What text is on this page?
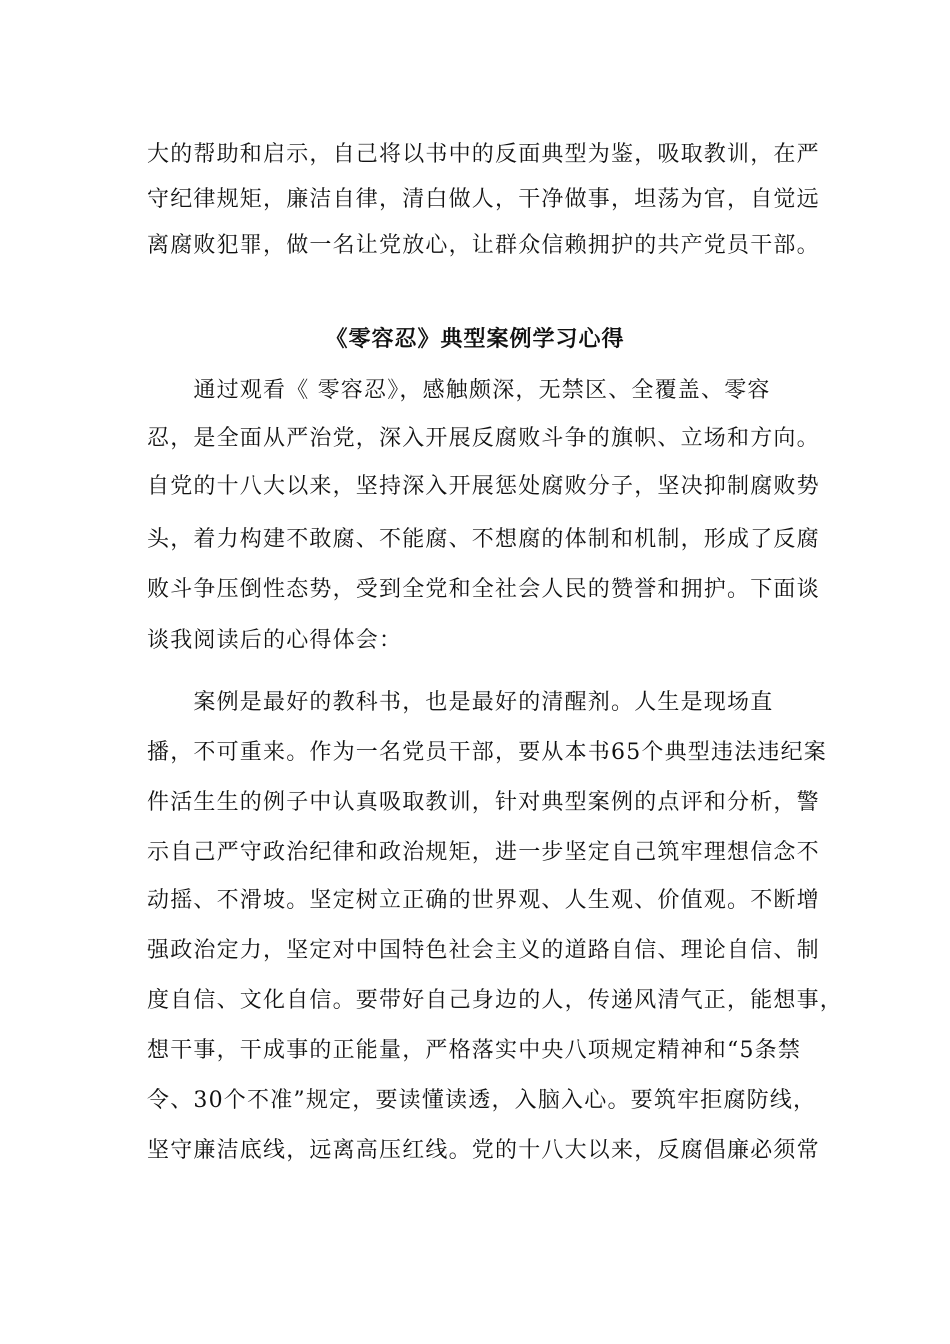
大的帮助和启示，自己将以书中的反面典型为鉴，吸取教训，在严
守纪律规矩，廉洁自律，清白做人，干净做事，坦荡为官，自觉远
离腐败犯罪，做一名让党放心，让群众信赖拥护的共产党员干部。
《零容忍》典型案例学习心得
　　通过观看《 零容忍》，感触颇深，无禁区、全覆盖、零容
忍，是全面从严治党，深入开展反腐败斗争的旗帜、立场和方向。
自党的十八大以来，坚持深入开展惩处腐败分子，坚决抑制腐败势
头，着力构建不敢腐、不能腐、不想腐的体制和机制，形成了反腐
败斗争压倒性态势，受到全党和全社会人民的赞誉和拥护。下面谈
谈我阅读后的心得体会：
　　案例是最好的教科书，也是最好的清醒剂。人生是现场直
播，不可重来。作为一名党员干部，要从本书65个典型违法违纪案
件活生生的例子中认真吸取教训，针对典型案例的点评和分析，警
示自己严守政治纪律和政治规矩，进一步坚定自己筑牢理想信念不
动摇、不滑坡。坚定树立正确的世界观、人生观、价值观。不断增
强政治定力，坚定对中国特色社会主义的道路自信、理论自信、制
度自信、文化自信。要带好自己身边的人，传递风清气正，能想事，
想干事，干成事的正能量，严格落实中央八项规定精神和“5条禁
令、30个不准”规定，要读懂读透，入脑入心。要筑牢拒腐防线，
坚守廉洁底线，远离高压红线。党的十八大以来，反腐倡廉必须常
